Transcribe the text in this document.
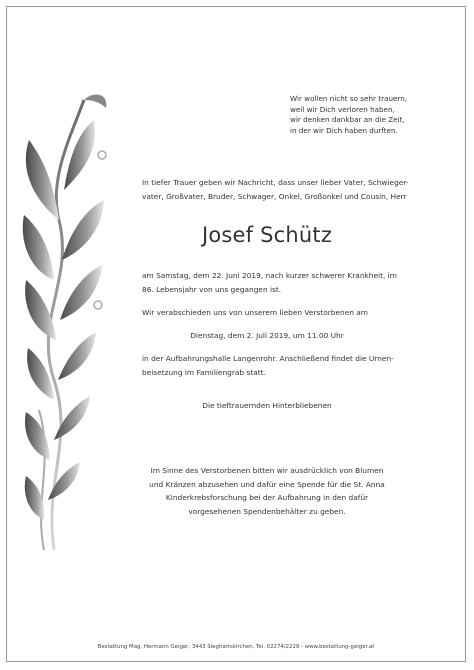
Wir wollen nicht so sehr trauern,
weil wir Dich verloren haben,
wir denken dankbar an die Zeit,
in der wir Dich haben durften.
In tiefer Trauer geben wir Nachricht, dass unser lieber Vater, Schwieger-
vater, Großvater, Bruder, Schwager, Onkel, Großonkel und Cousin, Herr
Josef Schütz
am Samstag, dem 22. Juni 2019, nach kurzer schwerer Krankheit, im
86. Lebensjahr von uns gegangen ist.
Wir verabschieden uns von unserem lieben Verstorbenen am
Dienstag, dem 2. Juli 2019, um 11.00 Uhr
in der Aufbahrungshalle Langenrohr. Anschließend findet die Urnen-
beisetzung im Familiengrab statt.
Die tieftrauernden Hinterbliebenen
Im Sinne des Verstorbenen bitten wir ausdrücklich von Blumen
und Kränzen abzusehen und dafür eine Spende für die St. Anna
Kinderkrebsforschung bei der Aufbahrung in den dafür
vorgesehenen Spendenbehälter zu geben.
Bestattung Mag. Hermann Geiger, 3443 Sieghartskirchen, Tel. 02274/2229 - www.bestattung-geiger.at
